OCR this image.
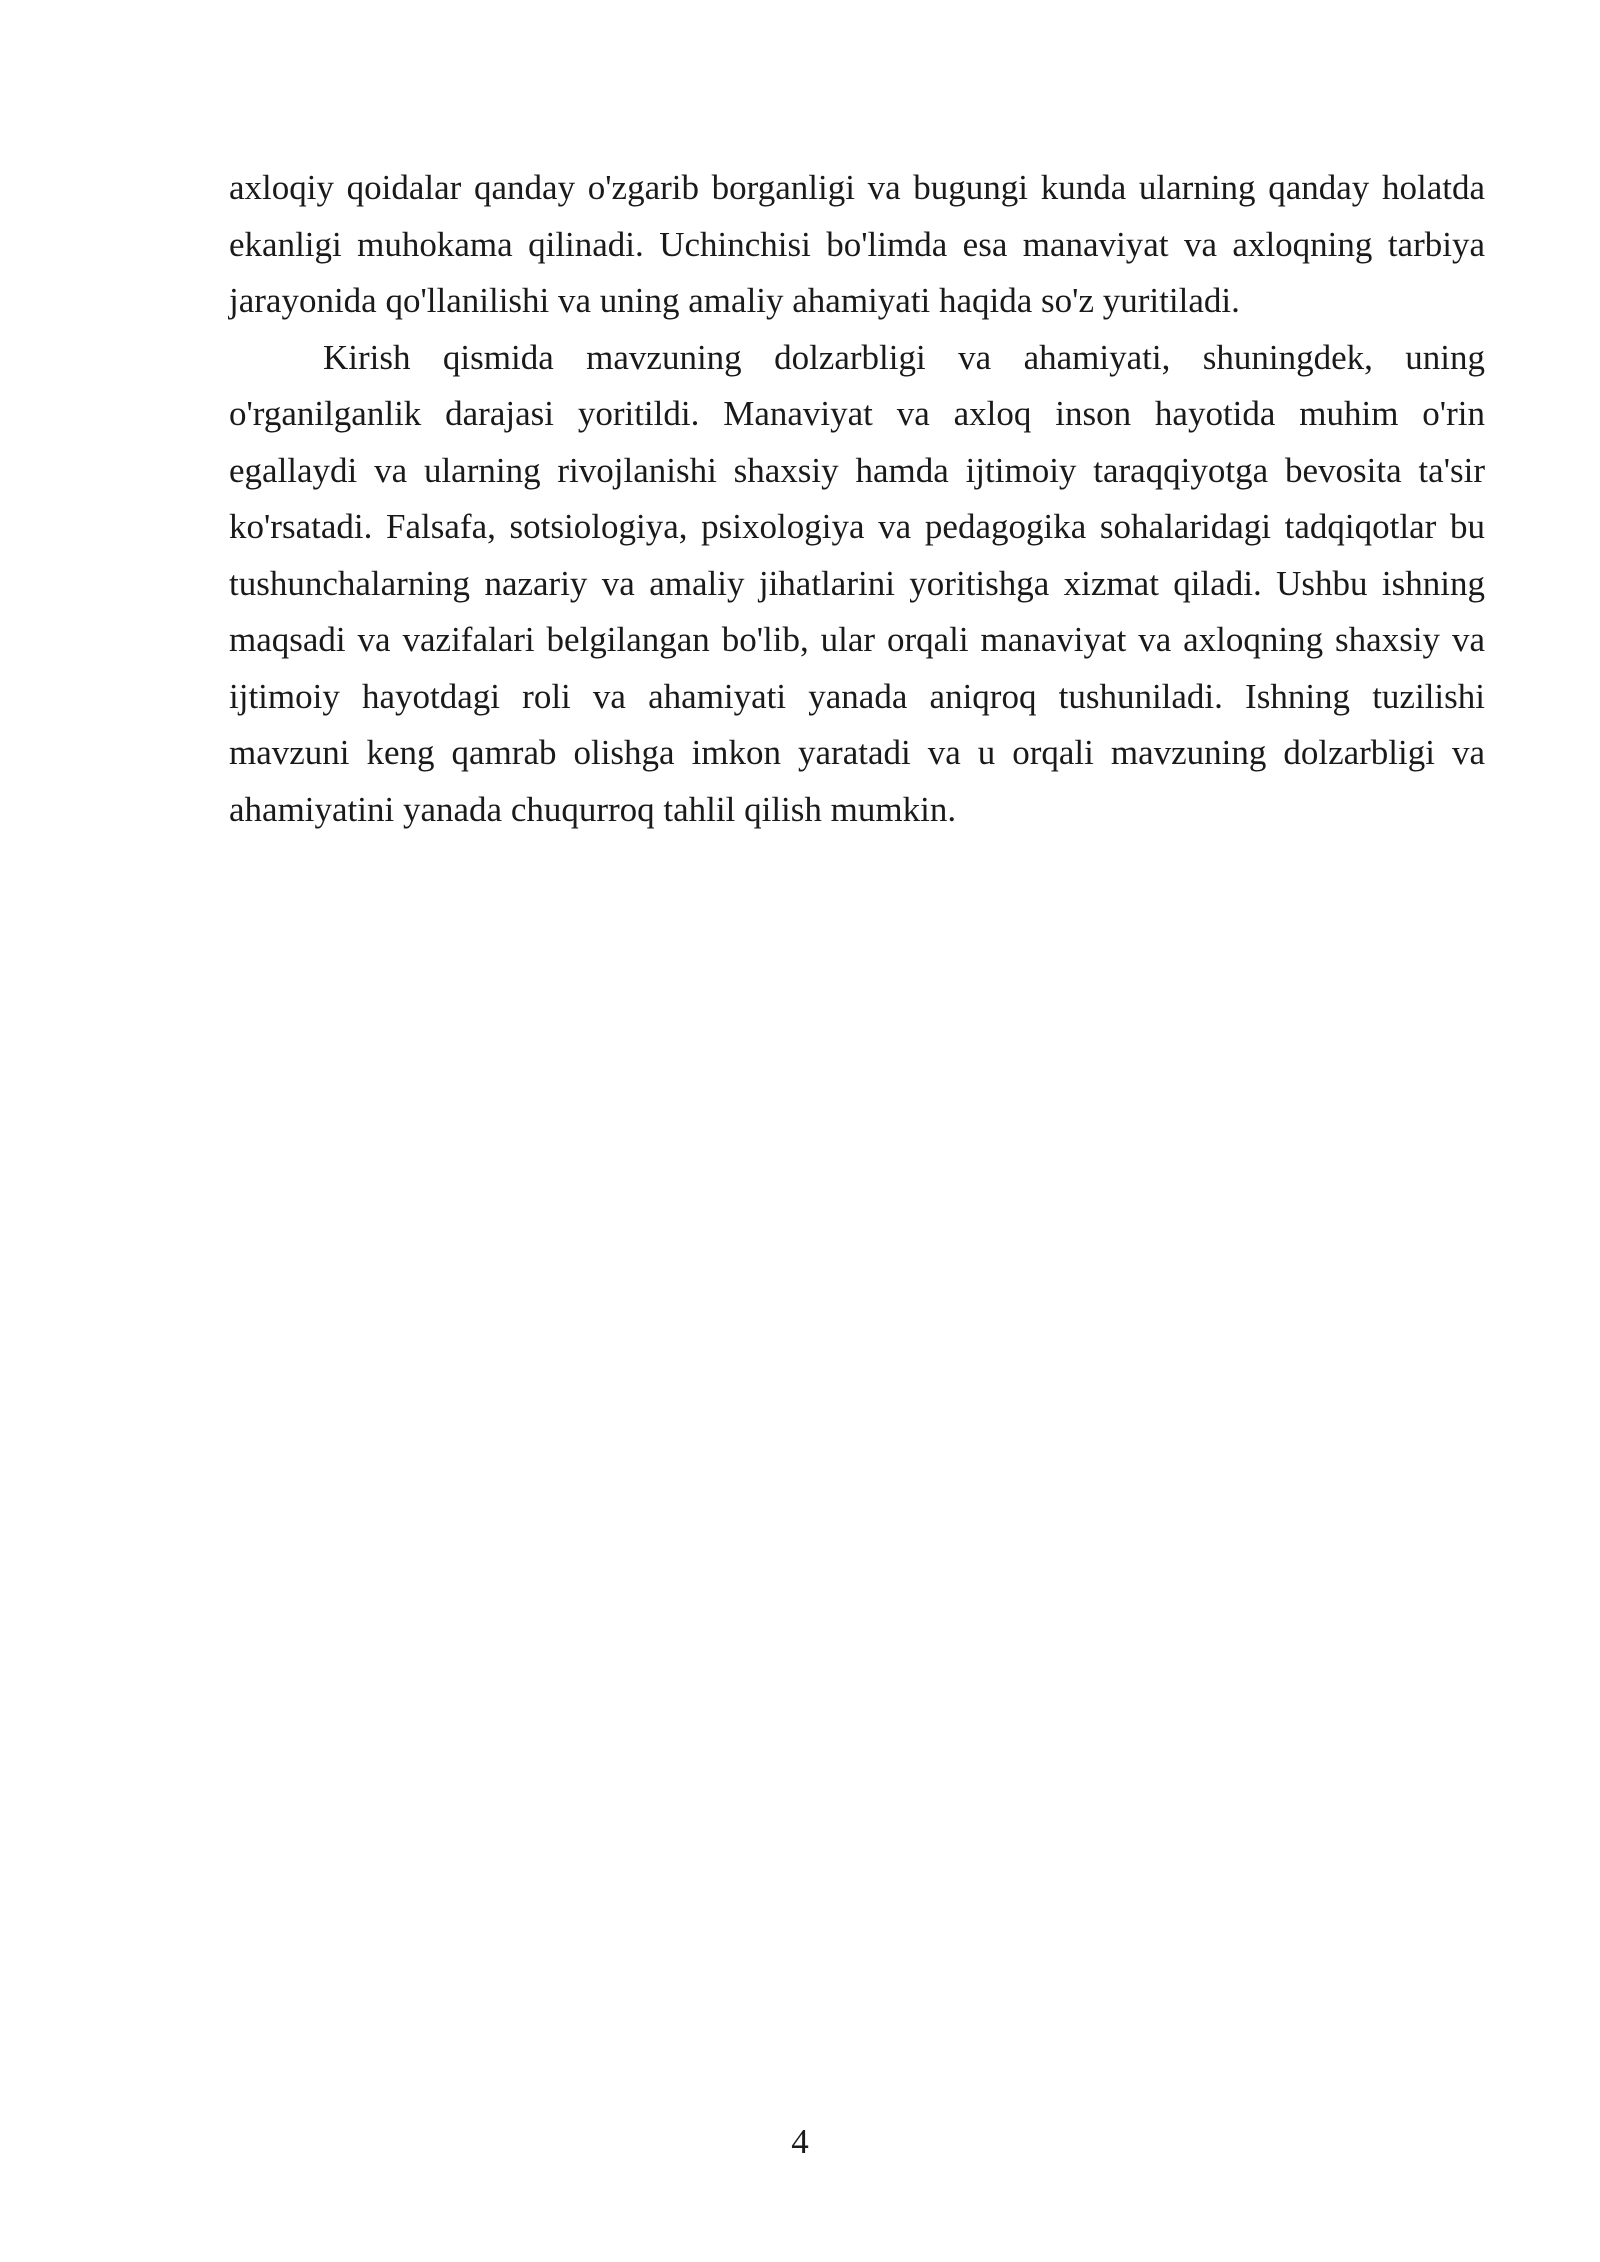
axloqiy qoidalar qanday o'zgarib borganligi va bugungi kunda ularning qanday holatda ekanligi muhokama qilinadi. Uchinchisi bo'limda esa manaviyat va axloqning tarbiya jarayonida qo'llanilishi va uning amaliy ahamiyati haqida so'z yuritiladi.

Kirish qismida mavzuning dolzarbligi va ahamiyati, shuningdek, uning o'rganilganlik darajasi yoritildi. Manaviyat va axloq inson hayotida muhim o'rin egallaydi va ularning rivojlanishi shaxsiy hamda ijtimoiy taraqqiyotga bevosita ta'sir ko'rsatadi. Falsafa, sotsiologiya, psixologiya va pedagogika sohalaridagi tadqiqotlar bu tushunchalarning nazariy va amaliy jihatlarini yoritishga xizmat qiladi. Ushbu ishning maqsadi va vazifalari belgilangan bo'lib, ular orqali manaviyat va axloqning shaxsiy va ijtimoiy hayotdagi roli va ahamiyati yanada aniqroq tushuniladi. Ishning tuzilishi mavzuni keng qamrab olishga imkon yaratadi va u orqali mavzuning dolzarbligi va ahamiyatini yanada chuqurroq tahlil qilish mumkin.

4
